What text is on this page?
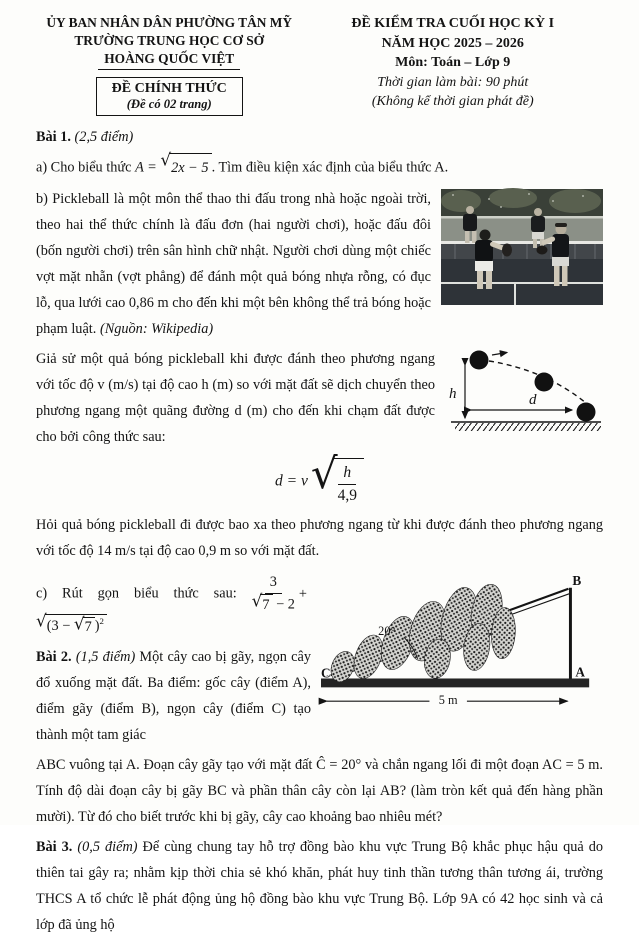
ỦY BAN NHÂN DÂN PHƯỜNG TÂN MỸ
TRƯỜNG TRUNG HỌC CƠ SỞ
HOÀNG QUỐC VIỆT
ĐỀ CHÍNH THỨC
(Đề có 02 trang)
ĐỀ KIỂM TRA CUỐI HỌC KỲ I
NĂM HỌC 2025 – 2026
Môn: Toán – Lớp 9
Thời gian làm bài: 90 phút
(Không kể thời gian phát đề)

Bài 1. (2,5 điểm)

a) Cho biểu thức A = √ 2x − 5 . Tìm điều kiện xác định của biểu thức A.

b) Pickleball là một môn thể thao thi đấu trong nhà hoặc ngoài trời, theo hai thể thức chính là đấu đơn (hai người chơi), hoặc đấu đôi (bốn người chơi) trên sân hình chữ nhật. Người chơi dùng một chiếc vợt mặt nhẵn (vợt phẳng) để đánh một quả bóng nhựa rỗng, có đục lỗ, qua lưới cao 0,86 m cho đến khi một bên không thể trả bóng hoặc phạm luật. (Nguồn: Wikipedia)

h	d

Giả sử một quả bóng pickleball khi được đánh theo phương ngang với tốc độ v (m/s) tại độ cao h (m) so với mặt đất sẽ dịch chuyển theo phương ngang một quãng đường d (m) cho đến khi chạm đất được cho bởi công thức sau:

d = v √ $\frac{h}{4,9}$

Hỏi quả bóng pickleball đi được bao xa theo phương ngang từ khi được đánh theo phương ngang với tốc độ 14 m/s tại độ cao 0,9 m so với mặt đất.

20°
B
A
C
5 m

c) Rút gọn biểu thức sau: $\frac{3}{√ 7 - 2}$ +
√ (3 − √ 7 )$^2$

Bài 2. (1,5 điểm) Một cây cao bị gãy, ngọn cây đổ xuống mặt đất. Ba điểm: gốc cây (điểm A), điểm gãy (điểm B), ngọn cây (điểm C) tạo thành một tam giác

ABC vuông tại A. Đoạn cây gãy tạo với mặt đất Ĉ = 20° và chắn ngang lối đi một đoạn AC = 5 m. Tính độ dài đoạn cây bị gãy BC và phần thân cây còn lại AB? (làm tròn kết quả đến hàng phần mười). Từ đó cho biết trước khi bị gãy, cây cao khoảng bao nhiêu mét?

Bài 3. (0,5 điểm) Để cùng chung tay hỗ trợ đồng bào khu vực Trung Bộ khắc phục hậu quả do thiên tai gây ra; nhằm kịp thời chia sẻ khó khăn, phát huy tinh thần tương thân tương ái, trường THCS A tổ chức lễ phát động ủng hộ đồng bào khu vực Trung Bộ. Lớp 9A có 42 học sinh và cả lớp đã ủng hộ
